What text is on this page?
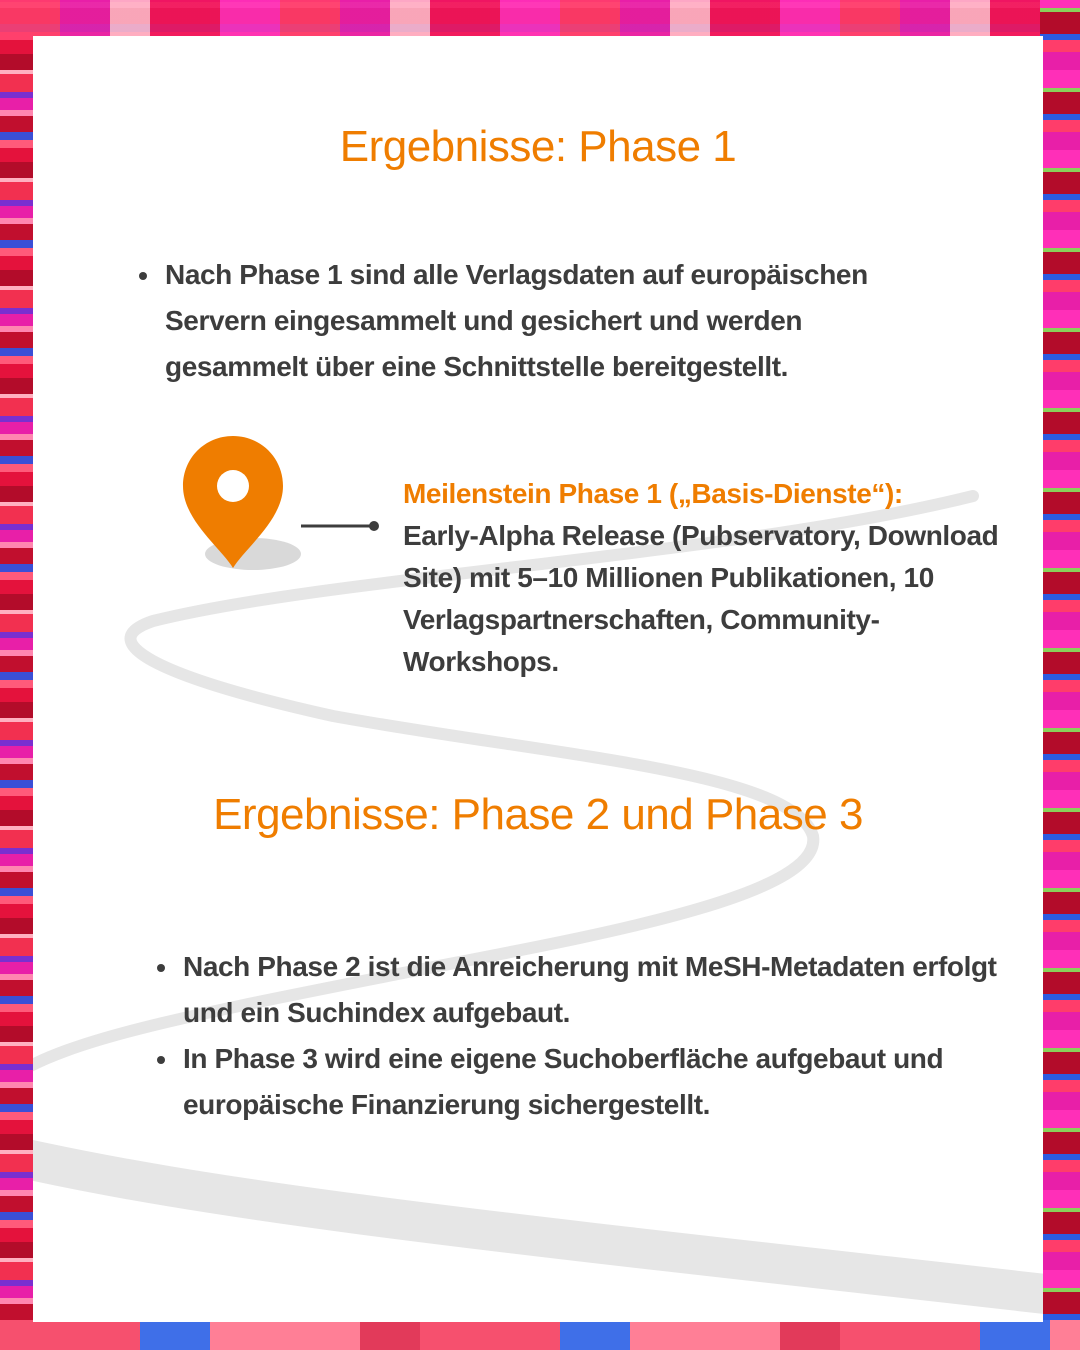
Ergebnisse: Phase 1
Nach Phase 1 sind alle Verlagsdaten auf europäischen Servern eingesammelt und gesichert und werden gesammelt über eine Schnittstelle bereitgestellt.
Meilenstein Phase 1 („Basis-Dienste“):
Early-Alpha Release (Pubservatory, Download Site) mit 5–10 Millionen Publikationen, 10 Verlagspartnerschaften, Community-Workshops.
Ergebnisse: Phase 2 und Phase 3
Nach Phase 2 ist die Anreicherung mit MeSH-Metadaten erfolgt und ein Suchindex aufgebaut.
In Phase 3 wird eine eigene Suchoberfläche aufgebaut und europäische Finanzierung sichergestellt.
